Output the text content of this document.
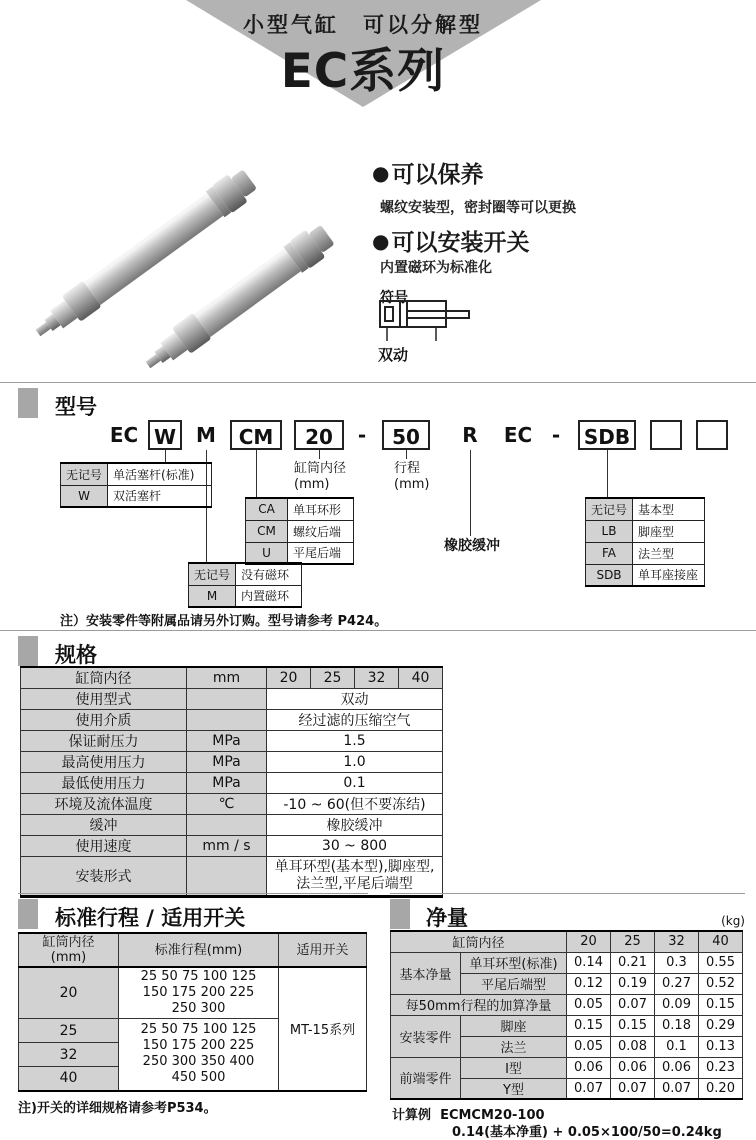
小型气缸　可以分解型
EC系列
●可以保养
螺纹安装型，密封圈等可以更换
●可以安装开关
内置磁环为标准化
符号
双动
型号
EC W M	CM	20	-	50	R	EC - SDB
无记号	单活塞杆(标准)
W	双活塞杆
缸筒内径
(mm)
行程
(mm)
CA	单耳环形
CM	螺纹后端
U	平尾后端
无记号	没有磁环
M	内置磁环
橡胶缓冲
无记号	基本型
LB	脚座型
FA	法兰型
SDB	单耳座接座
注）安装零件等附属品请另外订购。型号请参考 P424。
规格
缸筒内径	mm	20	25	32	40
使用型式		双动			
使用介质		经过滤的压缩空气			
保证耐压力	MPa	1.5			
最高使用压力	MPa	1.0			
最低使用压力	MPa	0.1			
环境及流体温度	℃	-10 ~ 60(但不要冻结)			
缓冲		橡胶缓冲			
使用速度	mm / s	30 ~ 800			
安装形式		单耳环型(基本型),脚座型,法兰型,平尾后端型			
标准行程 / 适用开关
缸筒内径
(mm)	标准行程(mm)	适用开关
20	25 50 75 100 125
150 175 200 225
250 300	MT-15系列
25	25 50 75 100 125
150 175 200 225
250 300 350 400
450 500	

32		
40		
注)开关的详细规格请参考P534。
净量	(kg)
缸筒内径		20	25	32	40
基本净量	单耳环型(标准)	0.14	0.21	0.3	0.55
	平尾后端型	0.12	0.19	0.27	0.52
每50mm行程的加算净量		0.05	0.07	0.09	0.15
安装零件	脚座	0.15	0.15	0.18	0.29
	法兰	0.05	0.08	0.1	0.13
前端零件	I型	0.06	0.06	0.06	0.23
	Y型	0.07	0.07	0.07	0.20
计算例 ECMCM20-100
0.14(基本净重) + 0.05×100/50=0.24kg
